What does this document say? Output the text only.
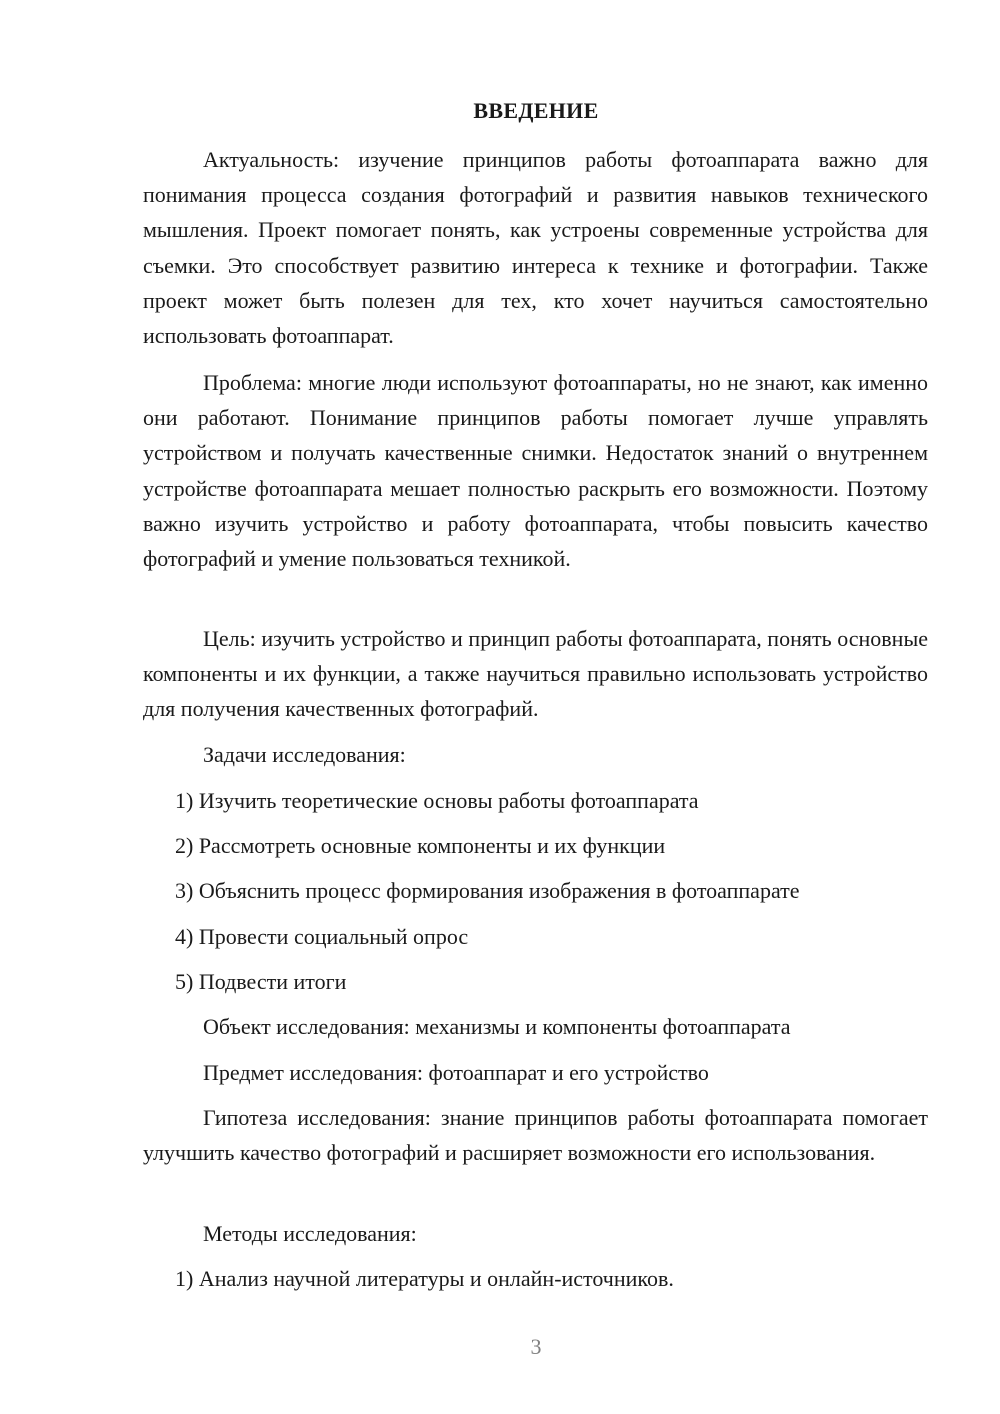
ВВЕДЕНИЕ

Актуальность: изучение принципов работы фотоаппарата важно для понимания процесса создания фотографий и развития навыков технического мышления. Проект помогает понять, как устроены современные устройства для съемки. Это способствует развитию интереса к технике и фотографии. Также проект может быть полезен для тех, кто хочет научиться самостоятельно использовать фотоаппарат.

Проблема: многие люди используют фотоаппараты, но не знают, как именно они работают. Понимание принципов работы помогает лучше управлять устройством и получать качественные снимки. Недостаток знаний о внутреннем устройстве фотоаппарата мешает полностью раскрыть его возможности. Поэтому важно изучить устройство и работу фотоаппарата, чтобы повысить качество фотографий и умение пользоваться техникой.

Цель: изучить устройство и принцип работы фотоаппарата, понять основные компоненты и их функции, а также научиться правильно использовать устройство для получения качественных фотографий.

Задачи исследования:

1) Изучить теоретические основы работы фотоаппарата

2) Рассмотреть основные компоненты и их функции

3) Объяснить процесс формирования изображения в фотоаппарате

4) Провести социальный опрос

5) Подвести итоги

Объект исследования: механизмы и компоненты фотоаппарата

Предмет исследования: фотоаппарат и его устройство

Гипотеза исследования: знание принципов работы фотоаппарата помогает улучшить качество фотографий и расширяет возможности его использования.

Методы исследования:

1) Анализ научной литературы и онлайн-источников.

3
